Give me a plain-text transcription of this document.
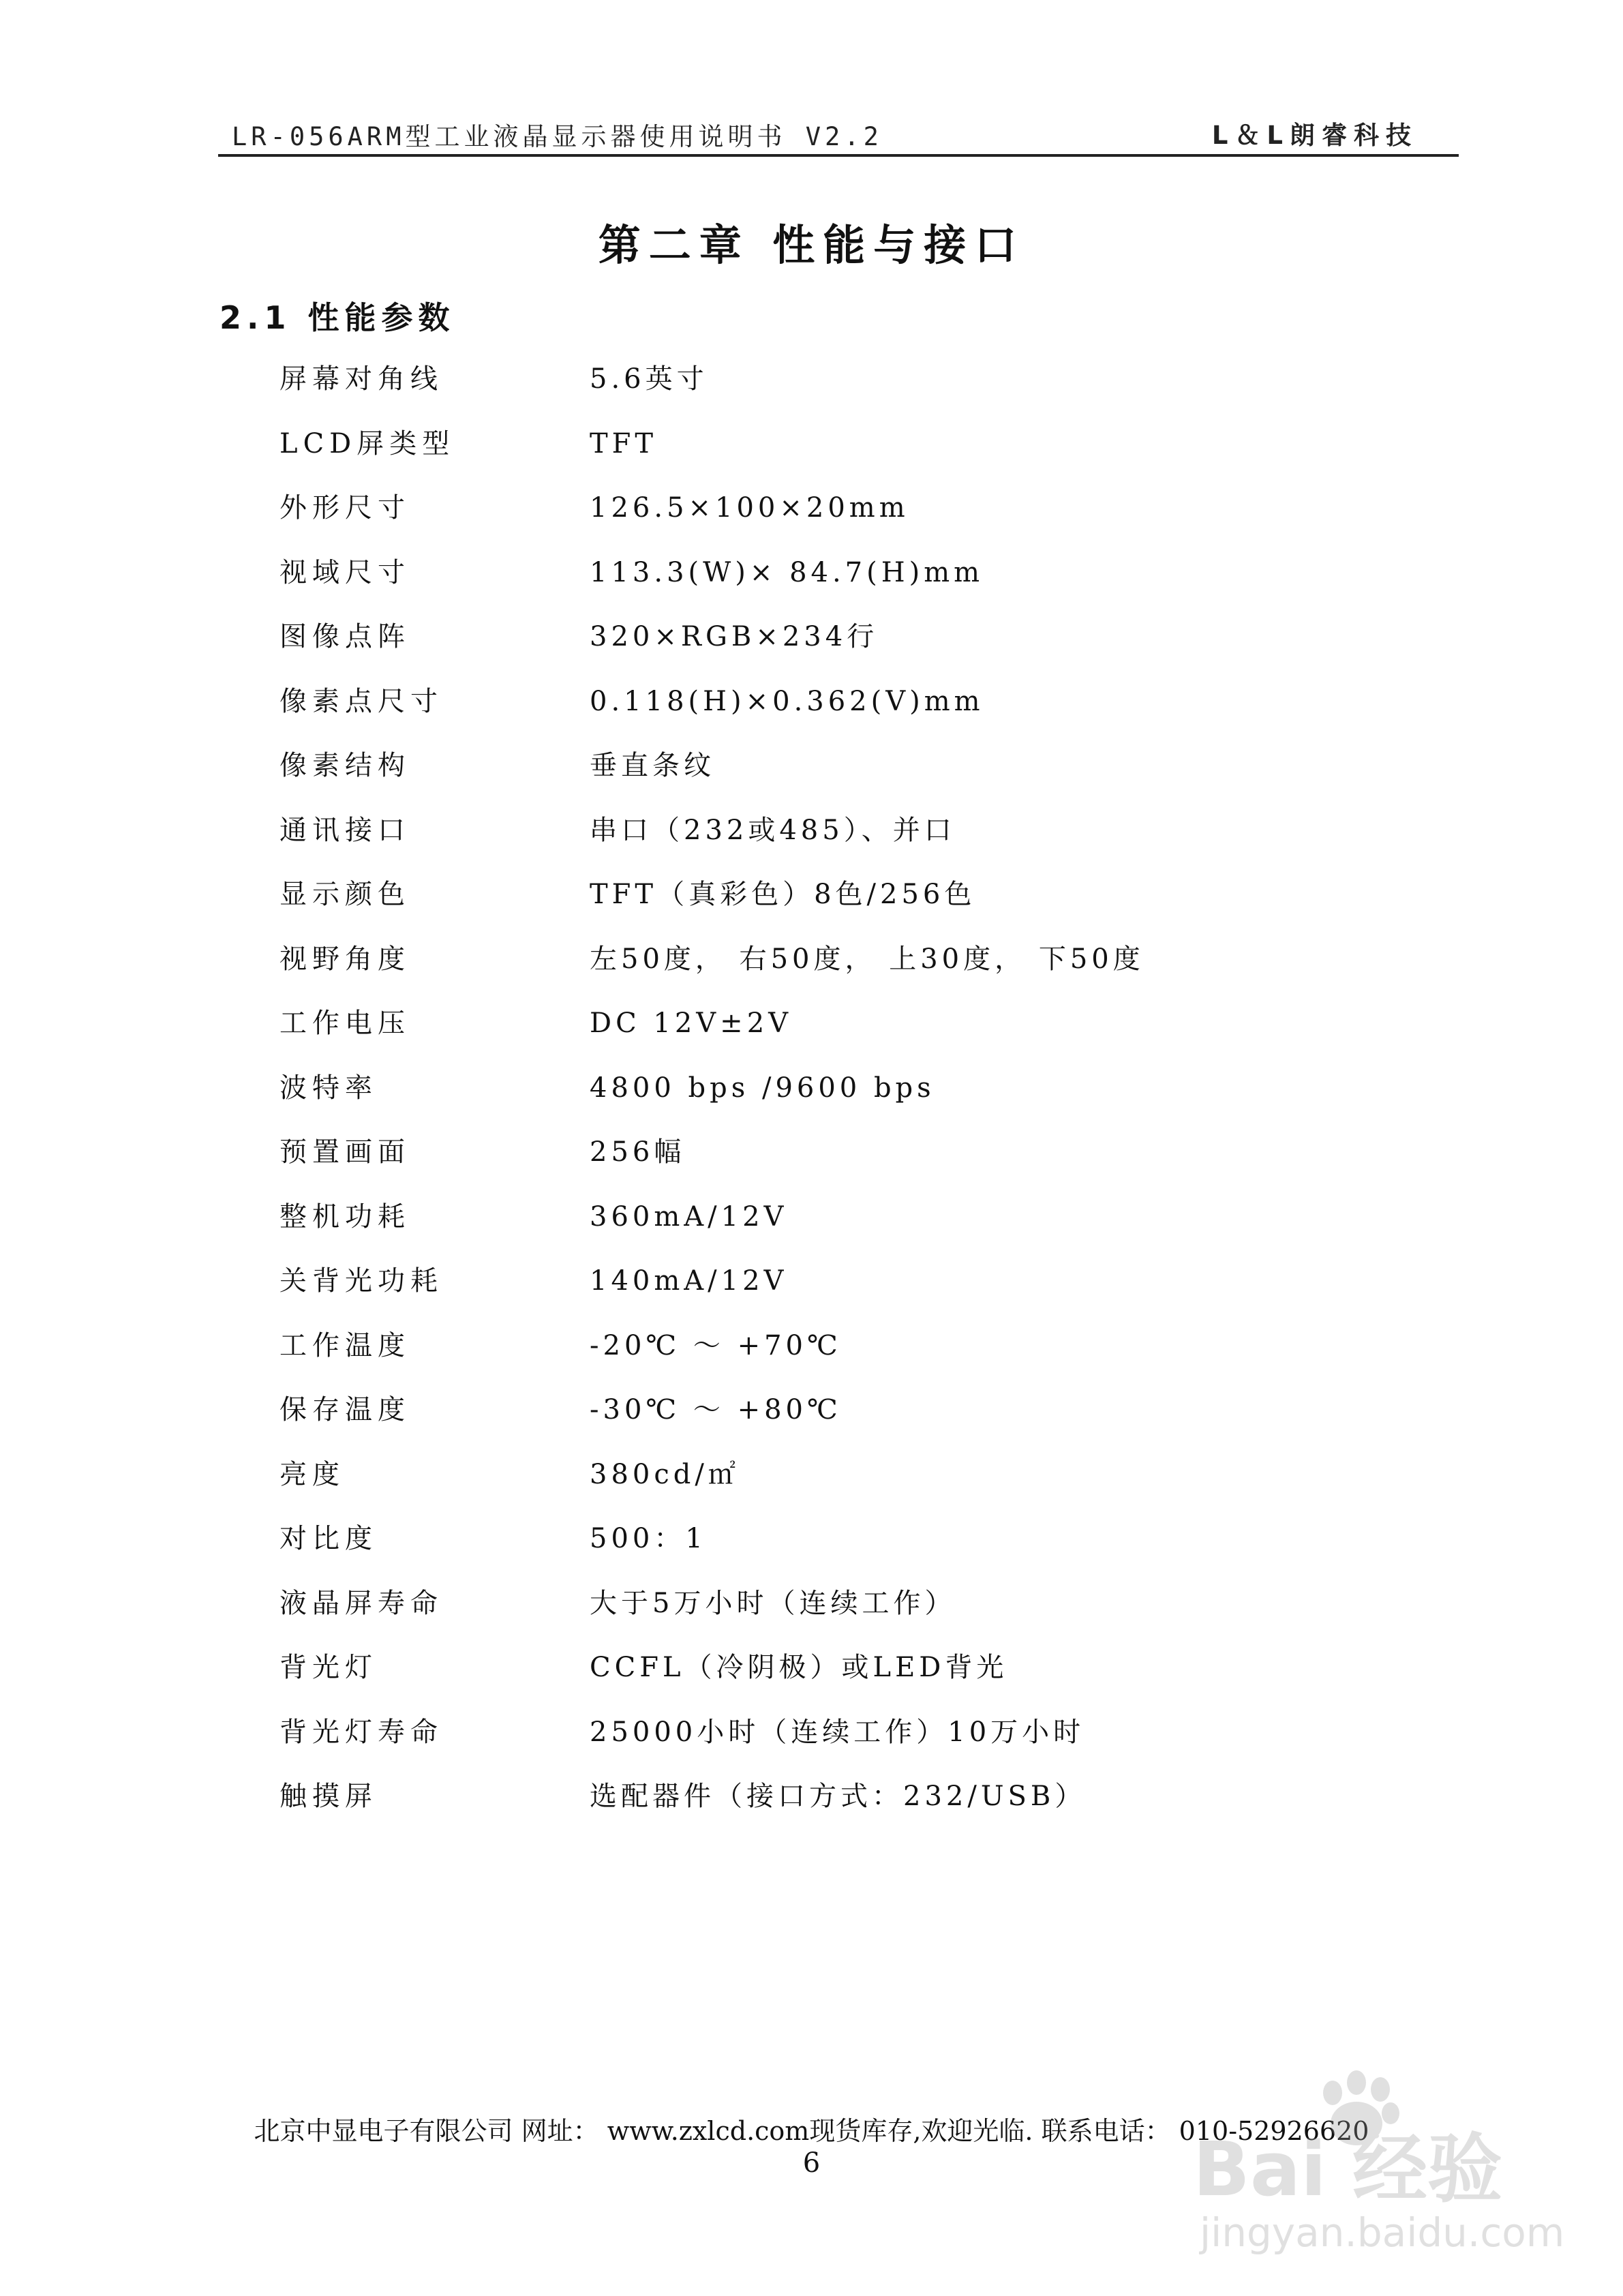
LR-056ARM型工业液晶显示器使用说明书 V2.2	L＆L朗睿科技
第二章 性能与接口
2.1 性能参数
屏幕对角线	5.6英寸
LCD屏类型	TFT
外形尺寸	126.5×100×20mm
视域尺寸	113.3(W)× 84.7(H)mm
图像点阵	320×RGB×234行
像素点尺寸	0.118(H)×0.362(V)mm
像素结构	垂直条纹
通讯接口	串口（232或485）、并口
显示颜色	TFT（真彩色）8色/256色
视野角度	左50度， 右50度， 上30度， 下50度
工作电压	DC 12V±2V
波特率	4800 bps /9600 bps
预置画面	256幅
整机功耗	360mA/12V
关背光功耗	140mA/12V
工作温度	-20℃ ～ +70℃
保存温度	-30℃ ～ +80℃
亮度	380cd/㎡
对比度	500：1
液晶屏寿命	大于5万小时（连续工作）
背光灯	CCFL（冷阴极）或LED背光
背光灯寿命	25000小时（连续工作）10万小时
触摸屏	选配器件（接口方式：232/USB）
北京中显电子有限公司 网址： www.zxlcd.com现货库存,欢迎光临. 联系电话： 010-52926620
6	Bai 经验
jingyan.baidu.com
